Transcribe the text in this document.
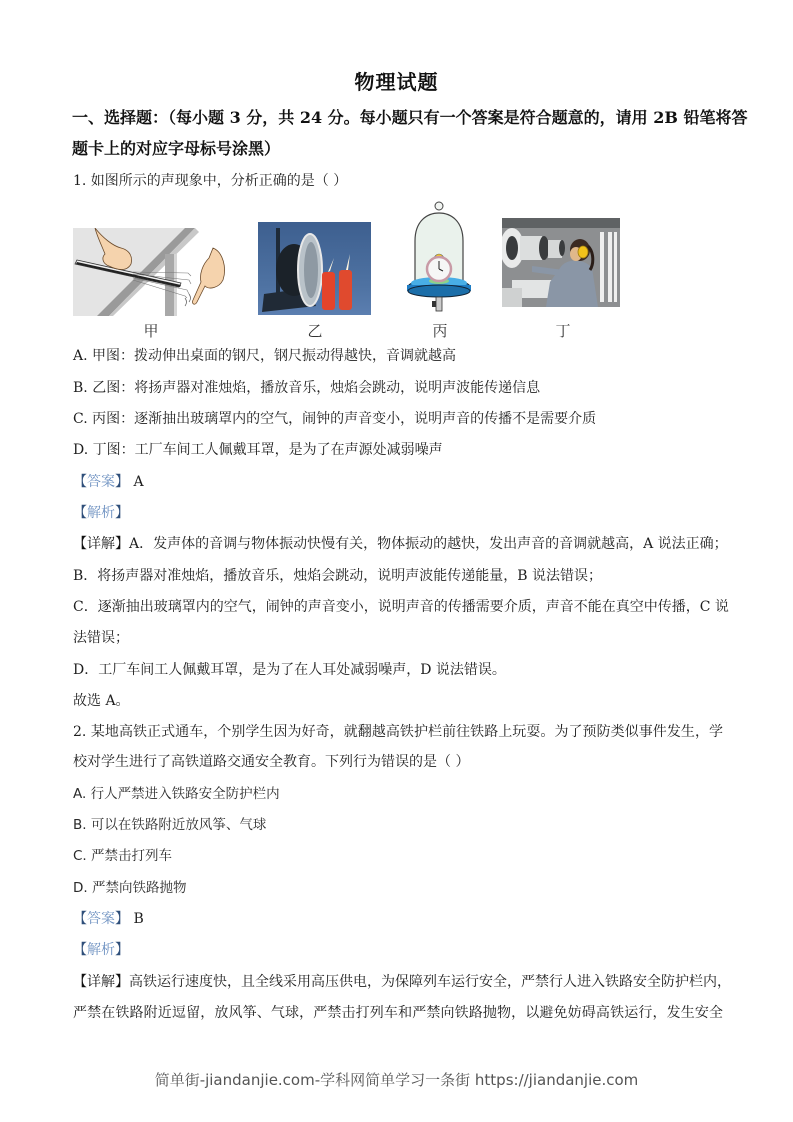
物理试题
一、选择题：（每小题 3 分，共 24 分。每小题只有一个答案是符合题意的，请用 2B 铅笔将答
题卡上的对应字母标号涂黑）
1. 如图所示的声现象中，分析正确的是（ ）
甲	乙	丙	丁
A. 甲图：拨动伸出桌面的钢尺，钢尺振动得越快，音调就越高
B. 乙图：将扬声器对准烛焰，播放音乐，烛焰会跳动，说明声波能传递信息
C. 丙图：逐渐抽出玻璃罩内的空气，闹钟的声音变小，说明声音的传播不是需要介质
D. 丁图：工厂车间工人佩戴耳罩，是为了在声源处减弱噪声
【答案】 A
【解析】
【详解】A．发声体的音调与物体振动快慢有关，物体振动的越快，发出声音的音调就越高，A 说法正确；
B．将扬声器对准烛焰，播放音乐，烛焰会跳动，说明声波能传递能量，B 说法错误；
C．逐渐抽出玻璃罩内的空气，闹钟的声音变小，说明声音的传播需要介质，声音不能在真空中传播，C 说
法错误；
D．工厂车间工人佩戴耳罩，是为了在人耳处减弱噪声，D 说法错误。
故选 A。
2. 某地高铁正式通车，个别学生因为好奇，就翻越高铁护栏前往铁路上玩耍。为了预防类似事件发生，学
校对学生进行了高铁道路交通安全教育。下列行为错误的是（ ）
A. 行人严禁进入铁路安全防护栏内
B. 可以在铁路附近放风筝、气球
C. 严禁击打列车
D. 严禁向铁路抛物
【答案】 B
【解析】
【详解】高铁运行速度快，且全线采用高压供电，为保障列车运行安全，严禁行人进入铁路安全防护栏内，
严禁在铁路附近逗留，放风筝、气球，严禁击打列车和严禁向铁路抛物，以避免妨碍高铁运行，发生安全
简单街-jiandanjie.com-学科网简单学习一条街 https://jiandanjie.com
